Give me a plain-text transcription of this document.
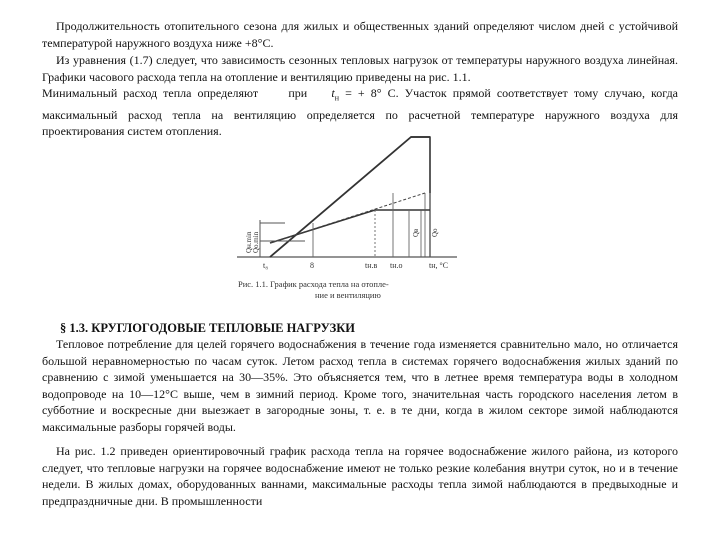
Продолжительность отопительного сезона для жилых и общественных зданий определяют числом дней с устойчивой температурой наружного воздуха ниже +8°С.

Из уравнения (1.7) следует, что зависимость сезонных тепловых нагрузок от температуры наружного воздуха линейная. Графики часового расхода тепла на отопление и вентиляцию приведены на рис. 1.1.

Минимальный расход тепла определяют	при $t_н$ = + 8° С. Участок прямой соответствует тому случаю, когда максимальный расход тепла на вентиляцию определяется по расчетной температуре наружного воздуха для проектирования систем отопления.

Qн.min Qо.min	Qв Qо
t₈	8	tн.в tн.о	tн, °С
Рис. 1.1. График расхода тепла на отопле-
ние и вентиляцию
§ 1.3. КРУГЛОГОДОВЫЕ ТЕПЛОВЫЕ НАГРУЗКИ

Тепловое потребление для целей горячего водоснабжения в течение года изменяется сравнительно мало, но отличается большой неравномерностью по часам суток. Летом расход тепла в системах горячего водоснабжения жилых зданий по сравнению с зимой уменьшается на 30—35%. Это объясняется тем, что в летнее время температура воды в холодном водопроводе на 10—12°С выше, чем в зимний период. Кроме того, значительная часть городского населения летом в субботние и воскресные дни выезжает в загородные зоны, т. е. в те дни, когда в жилом секторе зимой наблюдаются максимальные разборы горячей воды.

На рис. 1.2 приведен ориентировочный график расхода тепла на горячее водоснабжение жилого района, из которого следует, что тепловые нагрузки на горячее водоснабжение имеют не только резкие колебания внутри суток, но и в течение недели. В жилых домах, оборудованных ваннами, максимальные расходы тепла зимой наблюдаются в предвыходные и предпраздничные дни. В промышленности
